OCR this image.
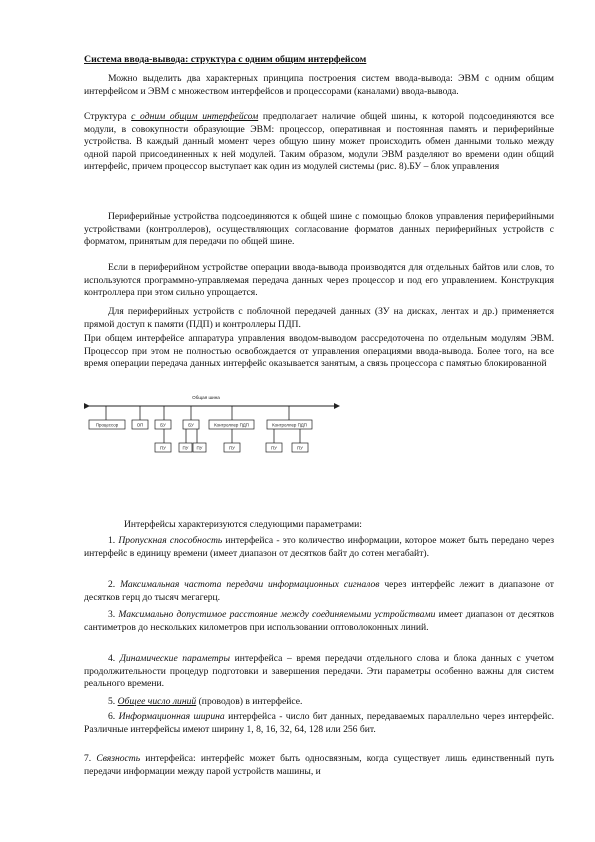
Система ввода-вывода: структура с одним общим интерфейсом

Можно выделить два характерных принципа построения систем ввода-вывода: ЭВМ с одним общим интерфейсом и ЭВМ с множеством интерфейсов и процессорами (каналами) ввода-вывода.

Структура с одним общим интерфейсом предполагает наличие общей шины, к которой подсоединяются все модули, в совокупности образующие ЭВМ: процессор, оперативная и постоянная память и периферийные устройства. В каждый данный момент через общую шину может происходить обмен данными только между одной парой присоединенных к ней модулей. Таким образом, модули ЭВМ разделяют во времени один общий интерфейс, причем процессор выступает как один из модулей системы (рис. 8).БУ – блок управления

Периферийные устройства подсоединяются к общей шине с помощью блоков управления периферийными устройствами (контроллеров), осуществляющих согласование форматов данных периферийных устройств с форматом, принятым для передачи по общей шине.

Если в периферийном устройстве операции ввода-вывода производятся для отдельных байтов или слов, то используются программно-управляемая передача данных через процессор и под его управлением. Конструкция контроллера при этом сильно упрощается.

Для периферийных устройств с поблочной передачей данных (ЗУ на дисках, лентах и др.) применяется прямой доступ к памяти (ПДП) и контроллеры ПДП.

При общем интерфейсе аппаратура управления вводом-выводом рассредоточена по отдельным модулям ЭВМ. Процессор при этом не полностью освобождается от управления операциями ввода-вывода. Более того, на все время операции передача данных интерфейс оказывается занятым, а связь процессора с памятью блокированной

Общая шина
Процессор	ОП	БУ	БУ	Контроллер ПДП	Контроллер ПДП
ПУ	ПУ ПУ	ПУ	ПУ	ПУ

Интерфейсы характеризуются следующими параметрами:

1. Пропускная способность интерфейса - это количество информации, которое может быть передано через интерфейс в единицу времени (имеет диапазон от десятков байт до сотен мегабайт).

2. Максимальная частота передачи информационных сигналов через интерфейс лежит в диапазоне от десятков герц до тысяч мегагерц.

3. Максимально допустимое расстояние между соединяемыми устройствами имеет диапазон от десятков сантиметров до нескольких километров при использовании оптоволоконных линий.

4. Динамические параметры интерфейса – время передачи отдельного слова и блока данных с учетом продолжительности процедур подготовки и завершения передачи. Эти параметры особенно важны для систем реального времени.

5. Общее число линий (проводов) в интерфейсе.

6. Информационная ширина интерфейса - число бит данных, передаваемых параллельно через интерфейс. Различные интерфейсы имеют ширину 1, 8, 16, 32, 64, 128 или 256 бит.

7. Связность интерфейса: интерфейс может быть односвязным, когда существует лишь единственный путь передачи информации между парой устройств машины, и
